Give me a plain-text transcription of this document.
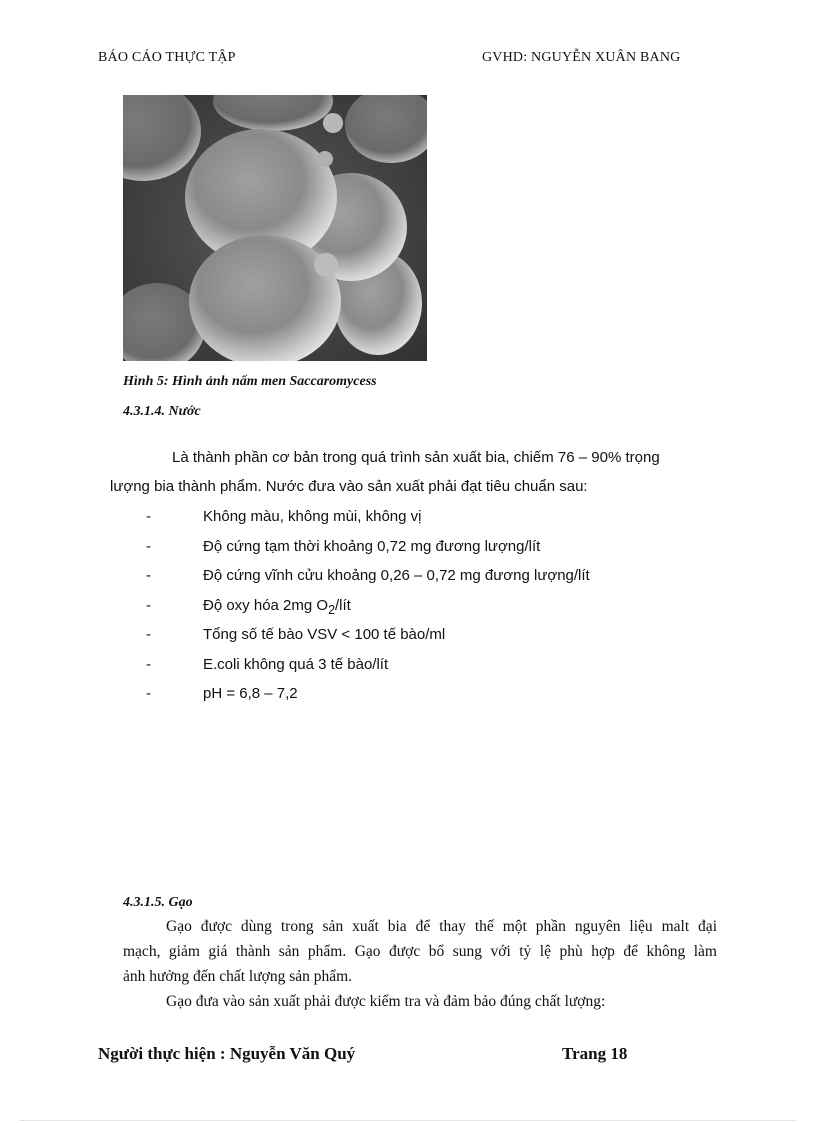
BÁO CÁO THỰC TẬP	GVHD: NGUYỄN XUÂN BANG
Hình 5: Hình ảnh nấm men Saccaromycess
4.3.1.4. Nước
Là thành phần cơ bản trong quá trình sản xuất bia, chiếm 76 – 90% trọng
lượng bia thành phẩm. Nước đưa vào sản xuất phải đạt tiêu chuẩn sau:
-	Không màu, không mùi, không vị
-	Độ cứng tạm thời khoảng 0,72 mg đương lượng/lít
-	Độ cứng vĩnh cửu khoảng 0,26 – 0,72 mg đương lượng/lít
-	Độ oxy hóa 2mg $O_2$/lít
-	Tổng số tế bào VSV < 100 tế bào/ml
-	E.coli không quá 3 tế bào/lít
-	pH = 6,8 – 7,2
4.3.1.5. Gạo
Gạo được dùng trong sản xuất bia để thay thế một phần nguyên liệu malt đại
mạch, giảm giá thành sản phẩm. Gạo được bổ sung với tỷ lệ phù hợp để không làm
ảnh hưởng đến chất lượng sản phẩm.
Gạo đưa vào sản xuất phải được kiểm tra và đảm bảo đúng chất lượng:
Người thực hiện : Nguyễn Văn Quý	Trang 18
